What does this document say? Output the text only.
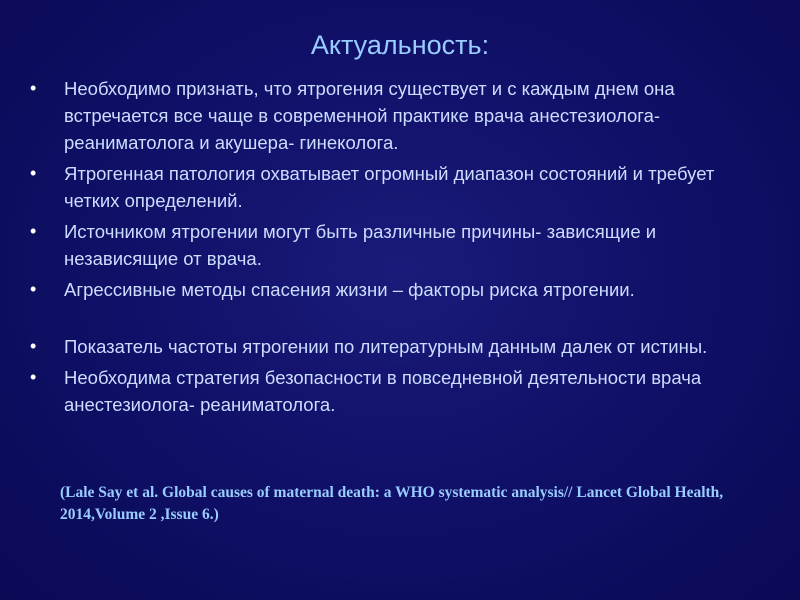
Актуальность:
• Необходимо признать, что ятрогения существует и с каждым днем она встречается все чаще в современной практике врача анестезиолога-реаниматолога и акушера- гинеколога.
• Ятрогенная патология охватывает огромный диапазон состояний и требует четких определений.
• Источником ятрогении могут быть различные причины- зависящие и независящие от врача.
• Агрессивные методы спасения жизни – факторы риска ятрогении.
• Показатель частоты ятрогении по литературным данным далек от истины.
• Необходима стратегия безопасности в повседневной деятельности врача анестезиолога- реаниматолога.
(Lale Say et al. Global causes of maternal death: a WHO systematic analysis// Lancet Global Health, 2014,Volume 2 ,Issue 6.)
